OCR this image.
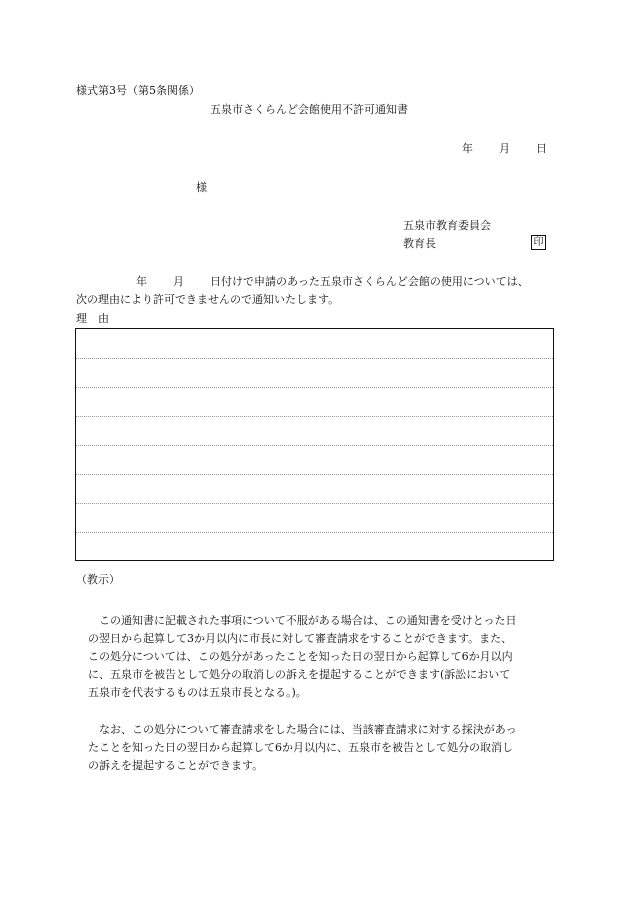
様式第3号（第5条関係）
五泉市さくらんど会館使用不許可通知書
年 月 日
様
五泉市教育委員会
教育長	印
年 月 日付けで申請のあった五泉市さくらんど会館の使用については、
次の理由により許可できませんので通知いたします。
理　由
（教示）
　この通知書に記載された事項について不服がある場合は、この通知書を受けとった日
の翌日から起算して3か月以内に市長に対して審査請求をすることができます。また、
この処分については、この処分があったことを知った日の翌日から起算して6か月以内
に、五泉市を被告として処分の取消しの訴えを提起することができます(訴訟において
五泉市を代表するものは五泉市長となる。)。
　なお、この処分について審査請求をした場合には、当該審査請求に対する採決があっ
たことを知った日の翌日から起算して6か月以内に、五泉市を被告として処分の取消し
の訴えを提起することができます。
